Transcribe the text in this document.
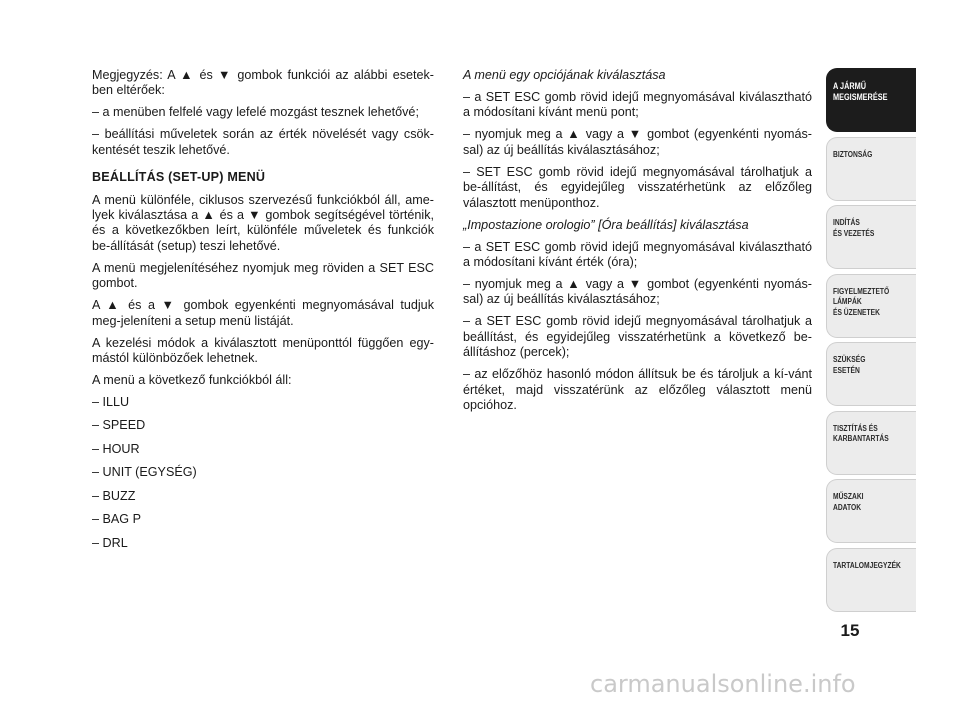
Megjegyzés: A ▲ és ▼ gombok funkciói az alábbi esetek-ben eltérőek:

– a menüben felfelé vagy lefelé mozgást tesznek lehetővé;

– beállítási műveletek során az érték növelését vagy csök-kentését teszik lehetővé.

BEÁLLÍTÁS (SET-UP) MENÜ

A menü különféle, ciklusos szervezésű funkciókból áll, ame-lyek kiválasztása a ▲ és a ▼ gombok segítségével történik, és a következőkben leírt, különféle műveletek és funkciók be-állítását (setup) teszi lehetővé.

A menü megjelenítéséhez nyomjuk meg röviden a SET ESC gombot.

A ▲ és a ▼ gombok egyenkénti megnyomásával tudjuk meg-jeleníteni a setup menü listáját.

A kezelési módok a kiválasztott menüponttól függően egy-mástól különbözőek lehetnek.

A menü a következő funkciókból áll:

– ILLU

– SPEED

– HOUR

– UNIT (EGYSÉG)

– BUZZ

– BAG P

– DRL

A menü egy opciójának kiválasztása

– a SET ESC gomb rövid idejű megnyomásával kiválasztható a módosítani kívánt menü pont;

– nyomjuk meg a ▲ vagy a ▼ gombot (egyenkénti nyomás-sal) az új beállítás kiválasztásához;

– SET ESC gomb rövid idejű megnyomásával tárolhatjuk a be-állítást, és egyidejűleg visszatérhetünk az előzőleg választott menüponthoz.

„Impostazione orologio” [Óra beállítás] kiválasztása

– a SET ESC gomb rövid idejű megnyomásával kiválasztható a módosítani kívánt érték (óra);

– nyomjuk meg a ▲ vagy a ▼ gombot (egyenkénti nyomás-sal) az új beállítás kiválasztásához;

– a SET ESC gomb rövid idejű megnyomásával tárolhatjuk a beállítást, és egyidejűleg visszatérhetünk a következő be-állításhoz (percek);

– az előzőhöz hasonló módon állítsuk be és tároljuk a kí-vánt értéket, majd visszatérünk az előzőleg választott menü opcióhoz.

A JÁRMŰ
MEGISMERÉSE
BIZTONSÁG
INDÍTÁS
ÉS VEZETÉS
FIGYELMEZTETŐ
LÁMPÁK
ÉS ÜZENETEK
SZÜKSÉG
ESETÉN
TISZTÍTÁS ÉS
KARBANTARTÁS
MŰSZAKI
ADATOK
TARTALOMJEGYZÉK
15
carmanualsonline.info
